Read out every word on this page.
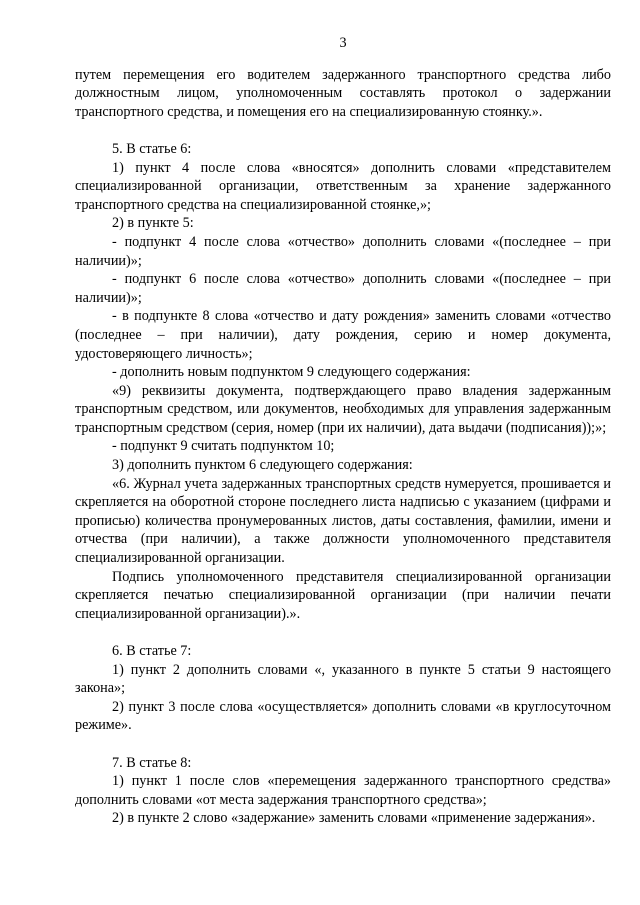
3

путем перемещения его водителем задержанного транспортного средства либо должностным лицом, уполномоченным составлять протокол о задержании транспортного средства, и помещения его на специализированную стоянку.».

5. В статье 6:

1) пункт 4 после слова «вносятся» дополнить словами «представителем специализированной организации, ответственным за хранение задержанного транспортного средства на специализированной стоянке,»;

2) в пункте 5:

- подпункт 4 после слова «отчество» дополнить словами «(последнее – при наличии)»;

- подпункт 6 после слова «отчество» дополнить словами «(последнее – при наличии)»;

- в подпункте 8 слова «отчество и дату рождения» заменить словами «отчество (последнее – при наличии), дату рождения, серию и номер документа, удостоверяющего личность»;

- дополнить новым подпунктом 9 следующего содержания:

«9) реквизиты документа, подтверждающего право владения задержанным транспортным средством, или документов, необходимых для управления задержанным транспортным средством (серия, номер (при их наличии), дата выдачи (подписания));»;

- подпункт 9 считать подпунктом 10;

3) дополнить пунктом 6 следующего содержания:

«6. Журнал учета задержанных транспортных средств нумеруется, прошивается и скрепляется на оборотной стороне последнего листа надписью с указанием (цифрами и прописью) количества пронумерованных листов, даты составления, фамилии, имени и отчества (при наличии), а также должности уполномоченного представителя специализированной организации.

Подпись уполномоченного представителя специализированной организации скрепляется печатью специализированной организации (при наличии печати специализированной организации).».

6. В статье 7:

1) пункт 2 дополнить словами «, указанного в пункте 5 статьи 9 настоящего закона»;

2) пункт 3 после слова «осуществляется» дополнить словами «в круглосуточном режиме».

7. В статье 8:

1) пункт 1 после слов «перемещения задержанного транспортного средства» дополнить словами «от места задержания транспортного средства»;

2) в пункте 2 слово «задержание» заменить словами «применение задержания».
